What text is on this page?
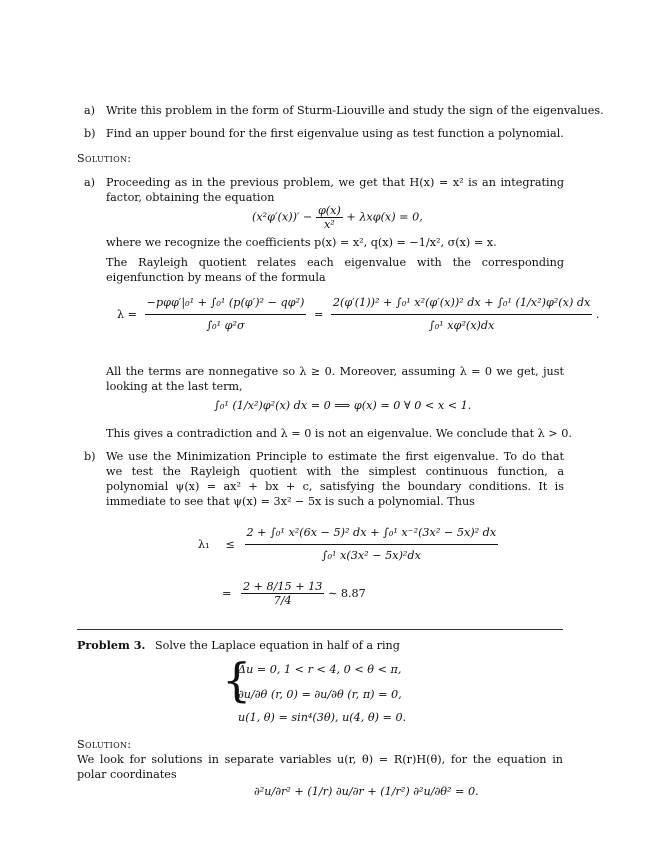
a) Write this problem in the form of Sturm-Liouville and study the sign of the eigenvalues.
b) Find an upper bound for the first eigenvalue using as test function a polynomial.
Solution:
a) Proceeding as in the previous problem, we get that H(x) = x² is an integrating factor, obtaining the equation
$(x^2\varphi'(x))' - \frac{\varphi(x)}{\text{x²}} + \lambda x\varphi(x) = 0$,
where we recognize the coefficients p(x) = x², q(x) = −1/x², σ(x) = x.
The Rayleigh quotient relates each eigenvalue with the corresponding eigenfunction by means of the formula
$\lambda = \frac{\text{−pφφ′|₀¹ + ∫₀¹ (p(φ′)² − qφ²)}}{\text{∫₀¹ φ²σ}} = \frac{\text{2(φ′(1))² + ∫₀¹ x²(φ′(x))² dx + ∫₀¹ (1/x²)φ²(x) dx}}{\text{∫₀¹ xφ²(x)dx}}$ .
All the terms are nonnegative so λ ≥ 0. Moreover, assuming λ = 0 we get, just looking at the last term,
∫₀¹ (1/x²)φ²(x) dx = 0 ⟹ φ(x) = 0 ∀ 0 < x < 1.
This gives a contradiction and λ = 0 is not an eigenvalue. We conclude that λ > 0.
b) We use the Minimization Principle to estimate the first eigenvalue. To do that we test the Rayleigh quotient with the simplest continuous function, a polynomial ψ(x) = ax² + bx + c, satisfying the boundary conditions. It is immediate to see that ψ(x) = 3x² − 5x is such a polynomial. Thus
$\lambda_1 \le \frac{\text{2 + ∫₀¹ x²(6x − 5)² dx + ∫₀¹ x⁻²(3x² − 5x)² dx}}{\text{∫₀¹ x(3x² − 5x)²dx}}$
= $\frac{2 + 8/15 + 13}{7/4}$ ∼ 8.87
Problem 3. Solve the Laplace equation in half of a ring
{
Δu = 0, 1 < r < 4, 0 < θ < π,
∂u/∂θ (r, 0) = ∂u/∂θ (r, π) = 0,
u(1, θ) = sin⁴(3θ), u(4, θ) = 0.
Solution:
We look for solutions in separate variables u(r, θ) = R(r)H(θ), for the equation in polar coordinates
∂²u/∂r² + (1/r) ∂u/∂r + (1/r²) ∂²u/∂θ² = 0.
